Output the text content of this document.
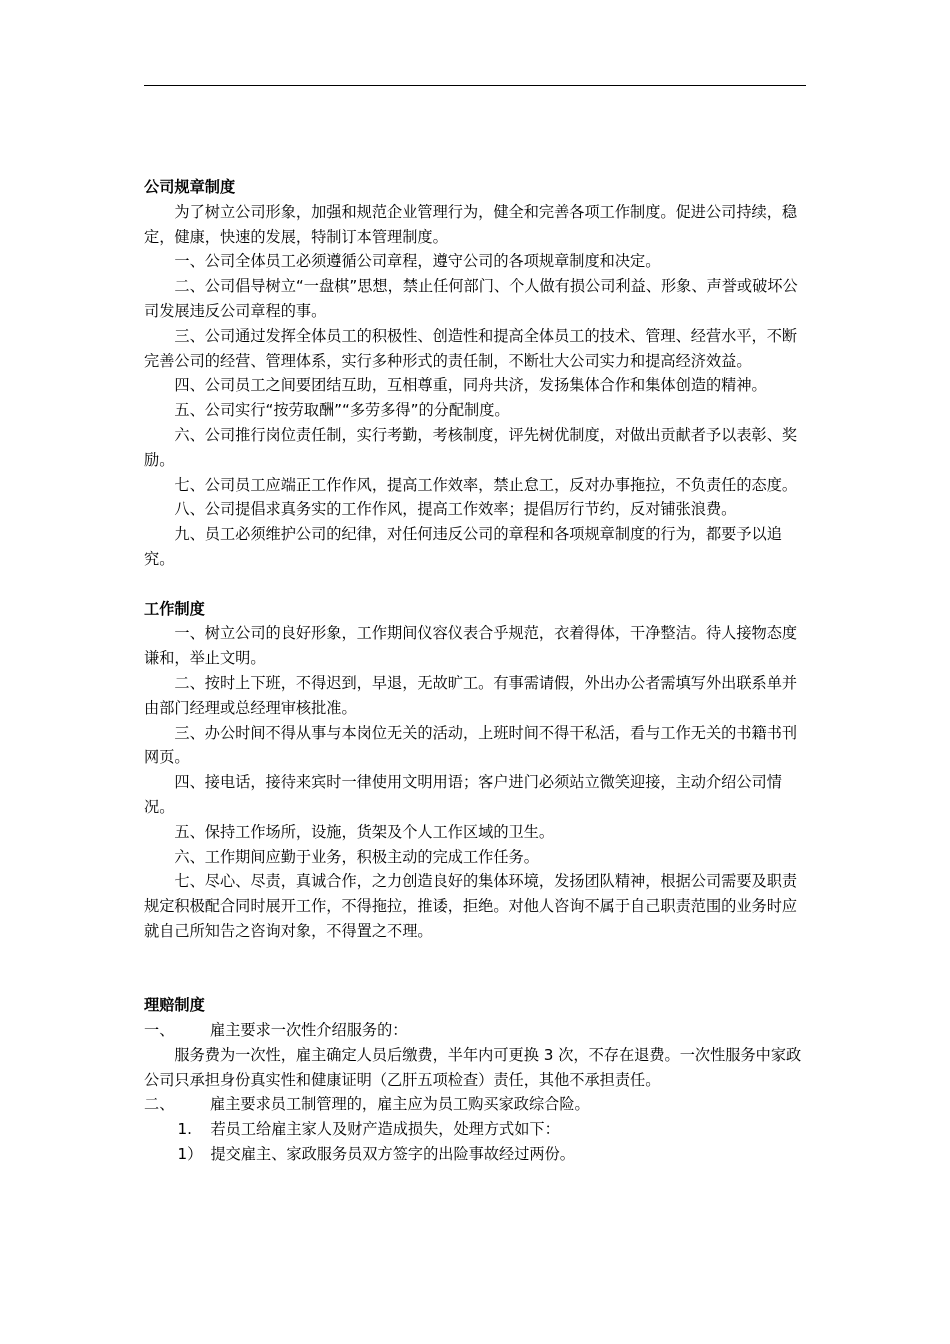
公司规章制度

为了树立公司形象，加强和规范企业管理行为，健全和完善各项工作制度。促进公司持续，稳定，健康，快速的发展，特制订本管理制度。

一、公司全体员工必须遵循公司章程，遵守公司的各项规章制度和决定。

二、公司倡导树立“一盘棋”思想，禁止任何部门、个人做有损公司利益、形象、声誉或破坏公司发展违反公司章程的事。

三、公司通过发挥全体员工的积极性、创造性和提高全体员工的技术、管理、经营水平，不断完善公司的经营、管理体系，实行多种形式的责任制，不断壮大公司实力和提高经济效益。

四、公司员工之间要团结互助，互相尊重，同舟共济，发扬集体合作和集体创造的精神。

五、公司实行“按劳取酬”“多劳多得”的分配制度。

六、公司推行岗位责任制，实行考勤，考核制度，评先树优制度，对做出贡献者予以表彰、奖励。

七、公司员工应端正工作作风，提高工作效率，禁止怠工，反对办事拖拉，不负责任的态度。

八、公司提倡求真务实的工作作风，提高工作效率；提倡厉行节约，反对铺张浪费。

九、员工必须维护公司的纪律，对任何违反公司的章程和各项规章制度的行为，都要予以追究。

工作制度

一、树立公司的良好形象，工作期间仪容仪表合乎规范，衣着得体，干净整洁。待人接物态度谦和，举止文明。

二、按时上下班，不得迟到，早退，无故旷工。有事需请假，外出办公者需填写外出联系单并由部门经理或总经理审核批准。

三、办公时间不得从事与本岗位无关的活动，上班时间不得干私活，看与工作无关的书籍书刊网页。

四、接电话，接待来宾时一律使用文明用语；客户进门必须站立微笑迎接，主动介绍公司情况。

五、保持工作场所，设施，货架及个人工作区域的卫生。

六、工作期间应勤于业务，积极主动的完成工作任务。

七、尽心、尽责，真诚合作，之力创造良好的集体环境，发扬团队精神，根据公司需要及职责规定积极配合同时展开工作，不得拖拉，推诿，拒绝。对他人咨询不属于自己职责范围的业务时应就自己所知告之咨询对象，不得置之不理。

理赔制度

一、 雇主要求一次性介绍服务的：

服务费为一次性，雇主确定人员后缴费，半年内可更换 3 次，不存在退费。一次性服务中家政公司只承担身份真实性和健康证明（乙肝五项检查）责任，其他不承担责任。

二、 雇主要求员工制管理的，雇主应为员工购买家政综合险。

1. 若员工给雇主家人及财产造成损失，处理方式如下：

1） 提交雇主、家政服务员双方签字的出险事故经过两份。
